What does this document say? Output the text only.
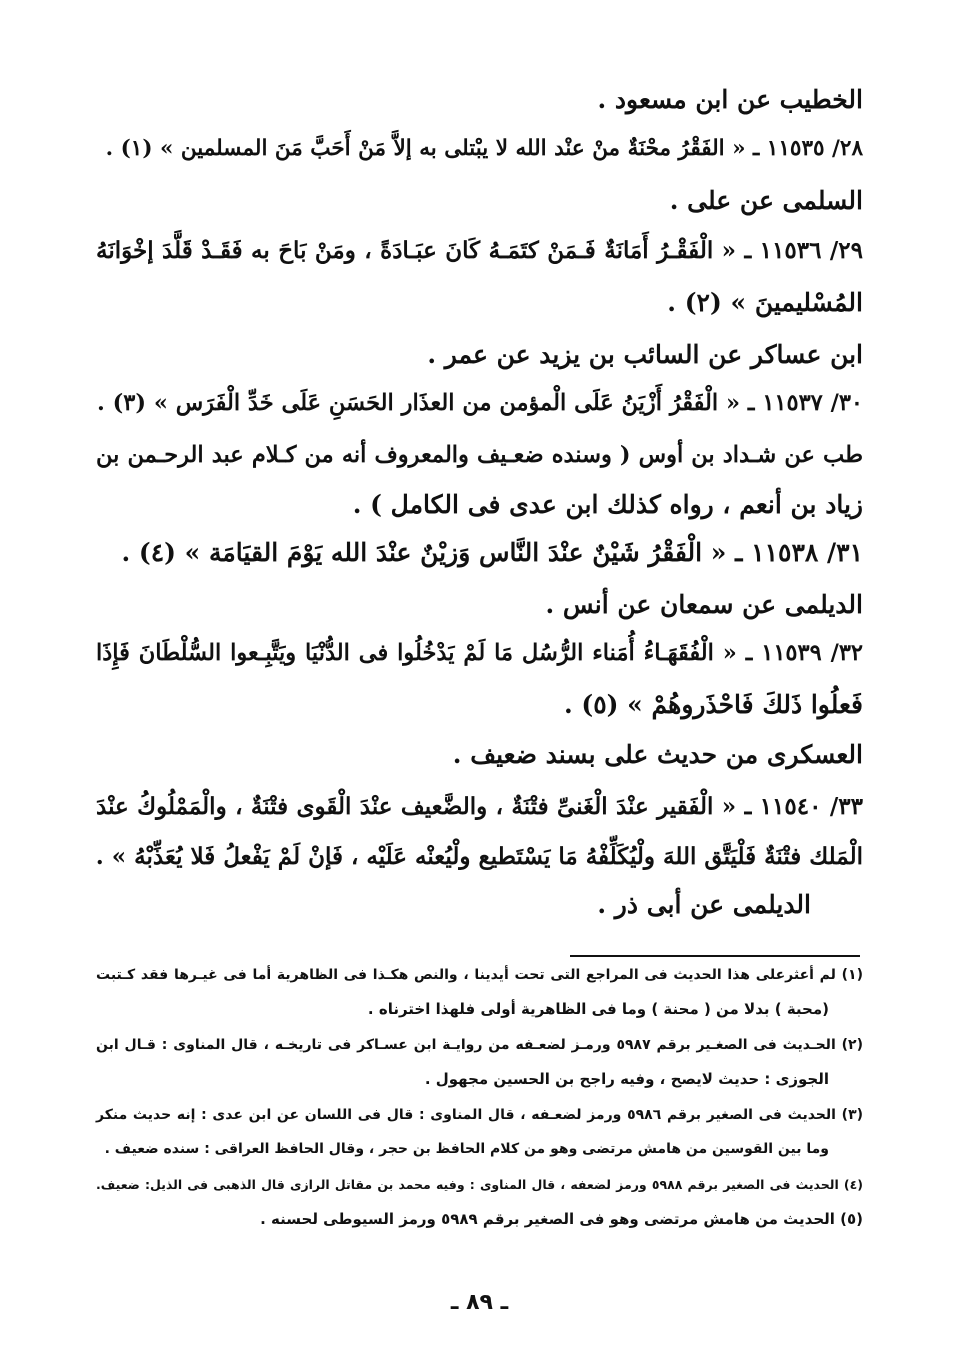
الخطيب عن ابن مسعود .
٢٨/ ١١٥٣٥ ـ « الفَقْرُ محْنَةٌ منْ عنْد الله لا يبْتلى به إلاَّ مَنْ أَحَبَّ مَنَ المسلمين » (١) .
السلمى عن على .
٢٩/ ١١٥٣٦ ـ « الْفَقْـرُ أَمَانَةٌ فَـمَنْ كتَمَـهُ كَانَ عبَـادَةً ، ومَنْ بَاحَ به فَقَـدْ قَلَّدَ إخْوَانَهُ
المُسْليمينَ » (٢) .
ابن عساكر عن السائب بن يزيد عن عمر .
٣٠/ ١١٥٣٧ ـ « الْفَقْرُ أَزْيَنُ عَلَى الْمؤمن من العذَار الحَسَنِ عَلَى خَدِّ الْفَرَس » (٣) .
طب عن شـداد بن أوس ( وسنده ضعـيف والمعروف أنه من كـلام عبد الرحـمن بن
زياد بن أنعم ، رواه كذلك ابن عدى فى الكامل ) .
٣١/ ١١٥٣٨ ـ « الْفَقْرُ شَيْنٌ عنْدَ النَّاس وَزيْنٌ عنْدَ الله يَوْمَ القيَامَة » (٤) .
الديلمى عن سمعان عن أنس .
٣٢/ ١١٥٣٩ ـ « الْفُقَهَـاءُ أُمَناء الرُّسُل مَا لَمْ يَدْخُلُوا فى الدُّنْيَا ويَتَّبِـعوا السُّلْطَانَ فَإِذَا
فَعلُوا ذَلكَ فَاحْذَروهُمْ » (٥) .
العسكرى من حديث على بسند ضعيف .
٣٣/ ١١٥٤٠ ـ « الْفَقير عنْدَ الْغَنىِّ فتْنَةٌ ، والضَّعيف عنْدَ الْقَوى فتْنَةٌ ، والْمَمْلُوكُ عنْدَ
الْمَلك فتْنَةٌ فَلْيَتَّق اللهَ ولْيُكَلِّفْهُ مَا يَسْتَطيع ولْيُعنْه عَلَيْه ، فَإنْ لَمْ يَفْعلُ فَلا يُعَذِّبْهُ » .
الديلمى عن أبى ذر .
(١) لم أعثرعلى هذا الحديث فى المراجع التى تحت أيدينا ، والنص هكـذا فى الظاهرية أما فى غيـرها فقد كـتبت
(محبة ) بدلا من ( محنة ) وما فى الظاهرية أولى فلهذا اخترناه .
(٢) الحـديث فى الصغـير برقم ٥٩٨٧ ورمـز لضعـفه من روايـة ابن عسـاكر فى تاريخـه ، قال المناوى : قـال ابن
الجوزى : حديث لايصح ، وفيه راجح بن الحسين مجهول .
(٣) الحديث فى الصغير برقم ٥٩٨٦ ورمز لضعـفه ، قال المناوى : قال فى اللسان عن ابن عدى : إنه حديث منكر
وما بين القوسين من هامش مرتضى وهو من كلام الحافظ بن حجر ، وقال الحافظ العراقى : سنده ضعيف .
(٤) الحديث فى الصغير برقم ٥٩٨٨ ورمز لضعفه ، قال المناوى : وفيه محمد بن مقاتل الرازى قال الذهبى فى الذيل: ضعيف.
(٥) الحديث من هامش مرتضى وهو فى الصغير برقم ٥٩٨٩ ورمز السيوطى لحسنه .
ـ ٨٩ ـ
